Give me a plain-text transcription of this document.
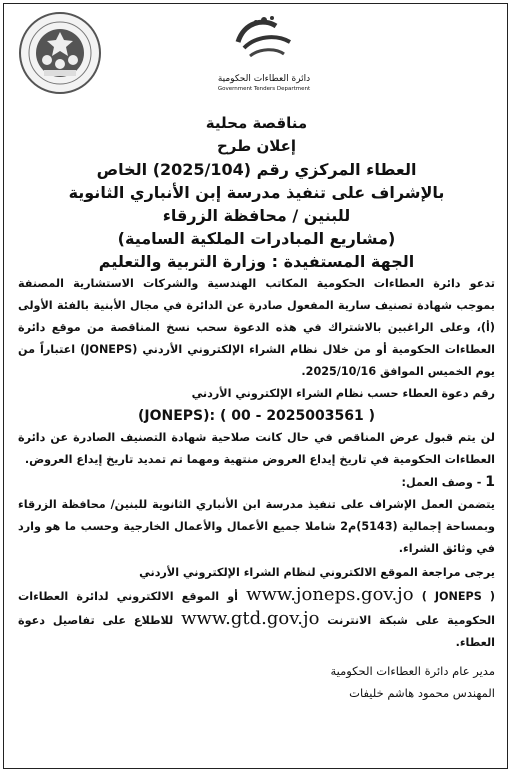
دائرة العطاءات الحكومية
Government Tenders Department

مناقصة محلية

إعلان طرح

العطاء المركزي رقم (2025/104) الخاص

بالإشراف على تنفيذ مدرسة إبن الأنباري الثانوية

للبنين / محافظة الزرقاء

(مشاريع المبادرات الملكية السامية)

الجهة المستفيدة : وزارة التربية والتعليم

تدعو دائرة العطاءات الحكومية المكاتب الهندسية والشركات الاستشارية المصنفة بموجب شهادة تصنيف سارية المفعول صادرة عن الدائرة في مجال الأبنية بالفئة الأولى (أ)، وعلى الراغبين بالاشتراك في هذه الدعوة سحب نسخ المناقصة من موقع دائرة العطاءات الحكومية أو من خلال نظام الشراء الإلكتروني الأردني (JONEPS) اعتباراً من يوم الخميس الموافق 2025/10/16.

رقم دعوة العطاء حسب نظام الشراء الإلكتروني الأردني

( 2025003561 - 00 ) :(JONEPS)

لن يتم قبول عرض المناقص في حال كانت صلاحية شهادة التصنيف الصادرة عن دائرة العطاءات الحكومية في تاريخ إيداع العروض منتهية ومهما تم تمديد تاريخ إيداع العروض.

1 - وصف العمل:

يتضمن العمل الإشراف على تنفيذ مدرسة ابن الأنباري الثانوية للبنين/ محافظة الزرقاء وبمساحة إجمالية (5143)م2 شاملا جميع الأعمال والأعمال الخارجية وحسب ما هو وارد في وثائق الشراء.

يرجى مراجعة الموقع الالكتروني لنظام الشراء الإلكتروني الأردني
www.joneps.gov.jo ( JONEPS ) أو الموقع الالكتروني لدائرة العطاءات الحكومية على شبكة الانترنت www.gtd.gov.jo للاطلاع على تفاصيل دعوة العطاء.

مدير عام دائرة العطاءات الحكومية

المهندس محمود هاشم خليفات
